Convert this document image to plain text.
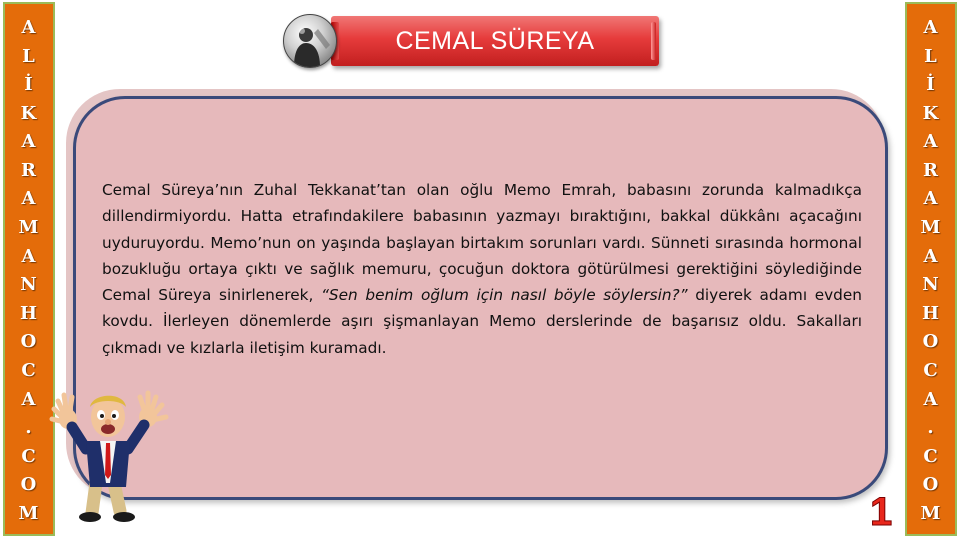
A
L
İ
K
A
R
A
M
A
N
H
O
C
A
.
C
O
M
A
L
İ
K
A
R
A
M
A
N
H
O
C
A
.
C
O
M
CEMAL SÜREYA

Cemal Süreya’nın Zuhal Tekkanat’tan olan oğlu Memo Emrah, babasını zorunda kalmadıkça dillendirmiyordu. Hatta etrafındakilere babasının yazmayı bıraktığını, bakkal dükkânı açacağını uyduruyordu. Memo’nun on yaşında başlayan birtakım sorunları vardı. Sünneti sırasında hormonal bozukluğu ortaya çıktı ve sağlık memuru, çocuğun doktora götürülmesi gerektiğini söylediğinde Cemal Süreya sinirlenerek, “Sen benim oğlum için nasıl böyle söylersin?” diyerek adamı evden kovdu. İlerleyen dönemlerde aşırı şişmanlayan Memo derslerinde de başarısız oldu. Sakalları çıkmadı ve kızlarla iletişim kuramadı.

1
